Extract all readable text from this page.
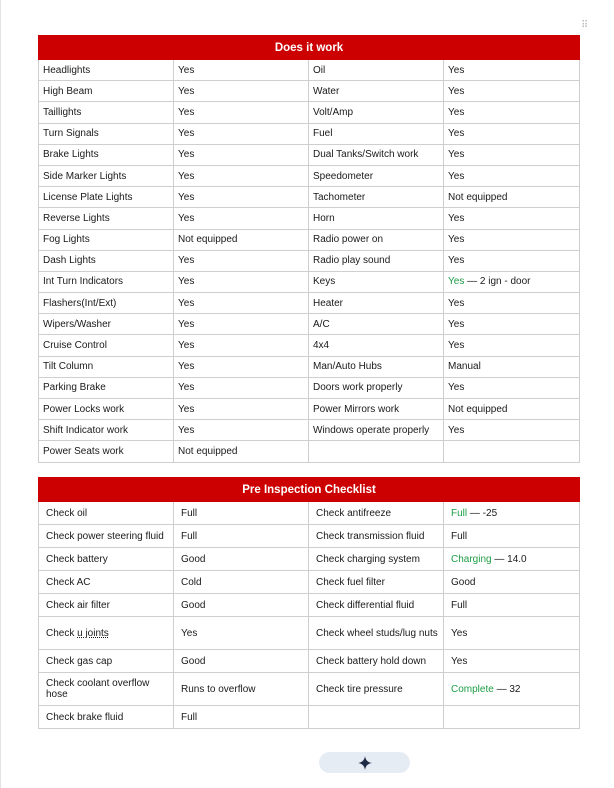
⠿
Does it work			
Headlights	Yes	Oil	Yes
High Beam	Yes	Water	Yes
Taillights	Yes	Volt/Amp	Yes
Turn Signals	Yes	Fuel	Yes
Brake Lights	Yes	Dual Tanks/Switch work	Yes
Side Marker Lights	Yes	Speedometer	Yes
License Plate Lights	Yes	Tachometer	Not equipped
Reverse Lights	Yes	Horn	Yes
Fog Lights	Not equipped	Radio power on	Yes
Dash Lights	Yes	Radio play sound	Yes
Int Turn Indicators	Yes	Keys	Yes — 2 ign - door
Flashers(Int/Ext)	Yes	Heater	Yes
Wipers/Washer	Yes	A/C	Yes
Cruise Control	Yes	4x4	Yes
Tilt Column	Yes	Man/Auto Hubs	Manual
Parking Brake	Yes	Doors work properly	Yes
Power Locks work	Yes	Power Mirrors work	Not equipped
Shift Indicator work	Yes	Windows operate properly	Yes
Power Seats work	Not equipped		
Pre Inspection Checklist			
Check oil	Full	Check antifreeze	Full — -25
Check power steering fluid	Full	Check transmission fluid	Full
Check battery	Good	Check charging system	Charging — 14.0
Check AC	Cold	Check fuel filter	Good
Check air filter	Good	Check differential fluid	Full
Check u joints	Yes	Check wheel studs/lug nuts	Yes
Check gas cap	Good	Check battery hold down	Yes
Check coolant overflow hose	Runs to overflow	Check tire pressure	Complete — 32
Check brake fluid	Full		
